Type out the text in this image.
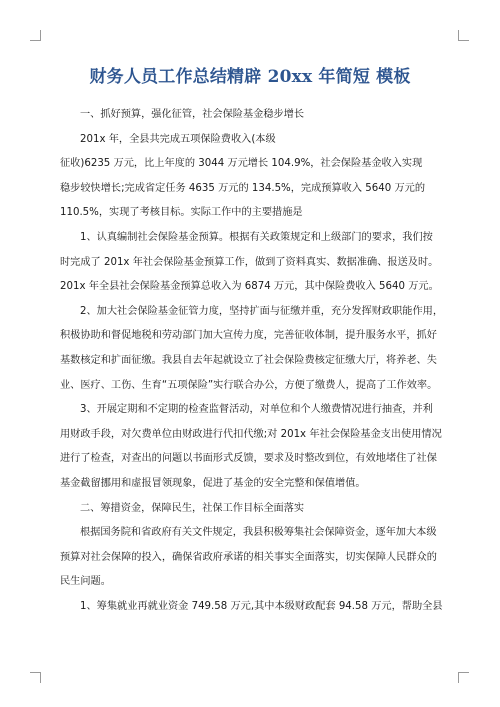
财务人员工作总结精辟 20xx 年简短 模板

一、抓好预算，强化征管，社会保险基金稳步增长

201x 年，全县共完成五项保险费收入(本级

征收)6235 万元，比上年度的 3044 万元增长 104.9%，社会保险基金收入实现

稳步较快增长;完成省定任务 4635 万元的 134.5%，完成预算收入 5640 万元的

110.5%，实现了考核目标。实际工作中的主要措施是

1、认真编制社会保险基金预算。根据有关政策规定和上级部门的要求，我们按

时完成了 201x 年社会保险基金预算工作，做到了资料真实、数据准确、报送及时。

201x 年全县社会保险基金预算总收入为 6874 万元，其中保险费收入 5640 万元。

2、加大社会保险基金征管力度，坚持扩面与征缴并重，充分发挥财政职能作用，

积极协助和督促地税和劳动部门加大宣传力度，完善征收体制，提升服务水平，抓好

基数核定和扩面征缴。我县自去年起就设立了社会保险费核定征缴大厅，将养老、失

业、医疗、工伤、生育“五项保险”实行联合办公，方便了缴费人，提高了工作效率。

3、开展定期和不定期的检查监督活动，对单位和个人缴费情况进行抽查，并利

用财政手段，对欠费单位由财政进行代扣代缴;对 201x 年社会保险基金支出使用情况

进行了检查，对查出的问题以书面形式反馈，要求及时整改到位，有效地堵住了社保

基金截留挪用和虚报冒领现象，促进了基金的安全完整和保值增值。

二、筹措资金，保障民生，社保工作目标全面落实

根据国务院和省政府有关文件规定，我县积极筹集社会保障资金，逐年加大本级

预算对社会保障的投入，确保省政府承诺的相关事实全面落实，切实保障人民群众的

民生问题。

1、筹集就业再就业资金 749.58 万元,其中本级财政配套 94.58 万元，帮助全县
